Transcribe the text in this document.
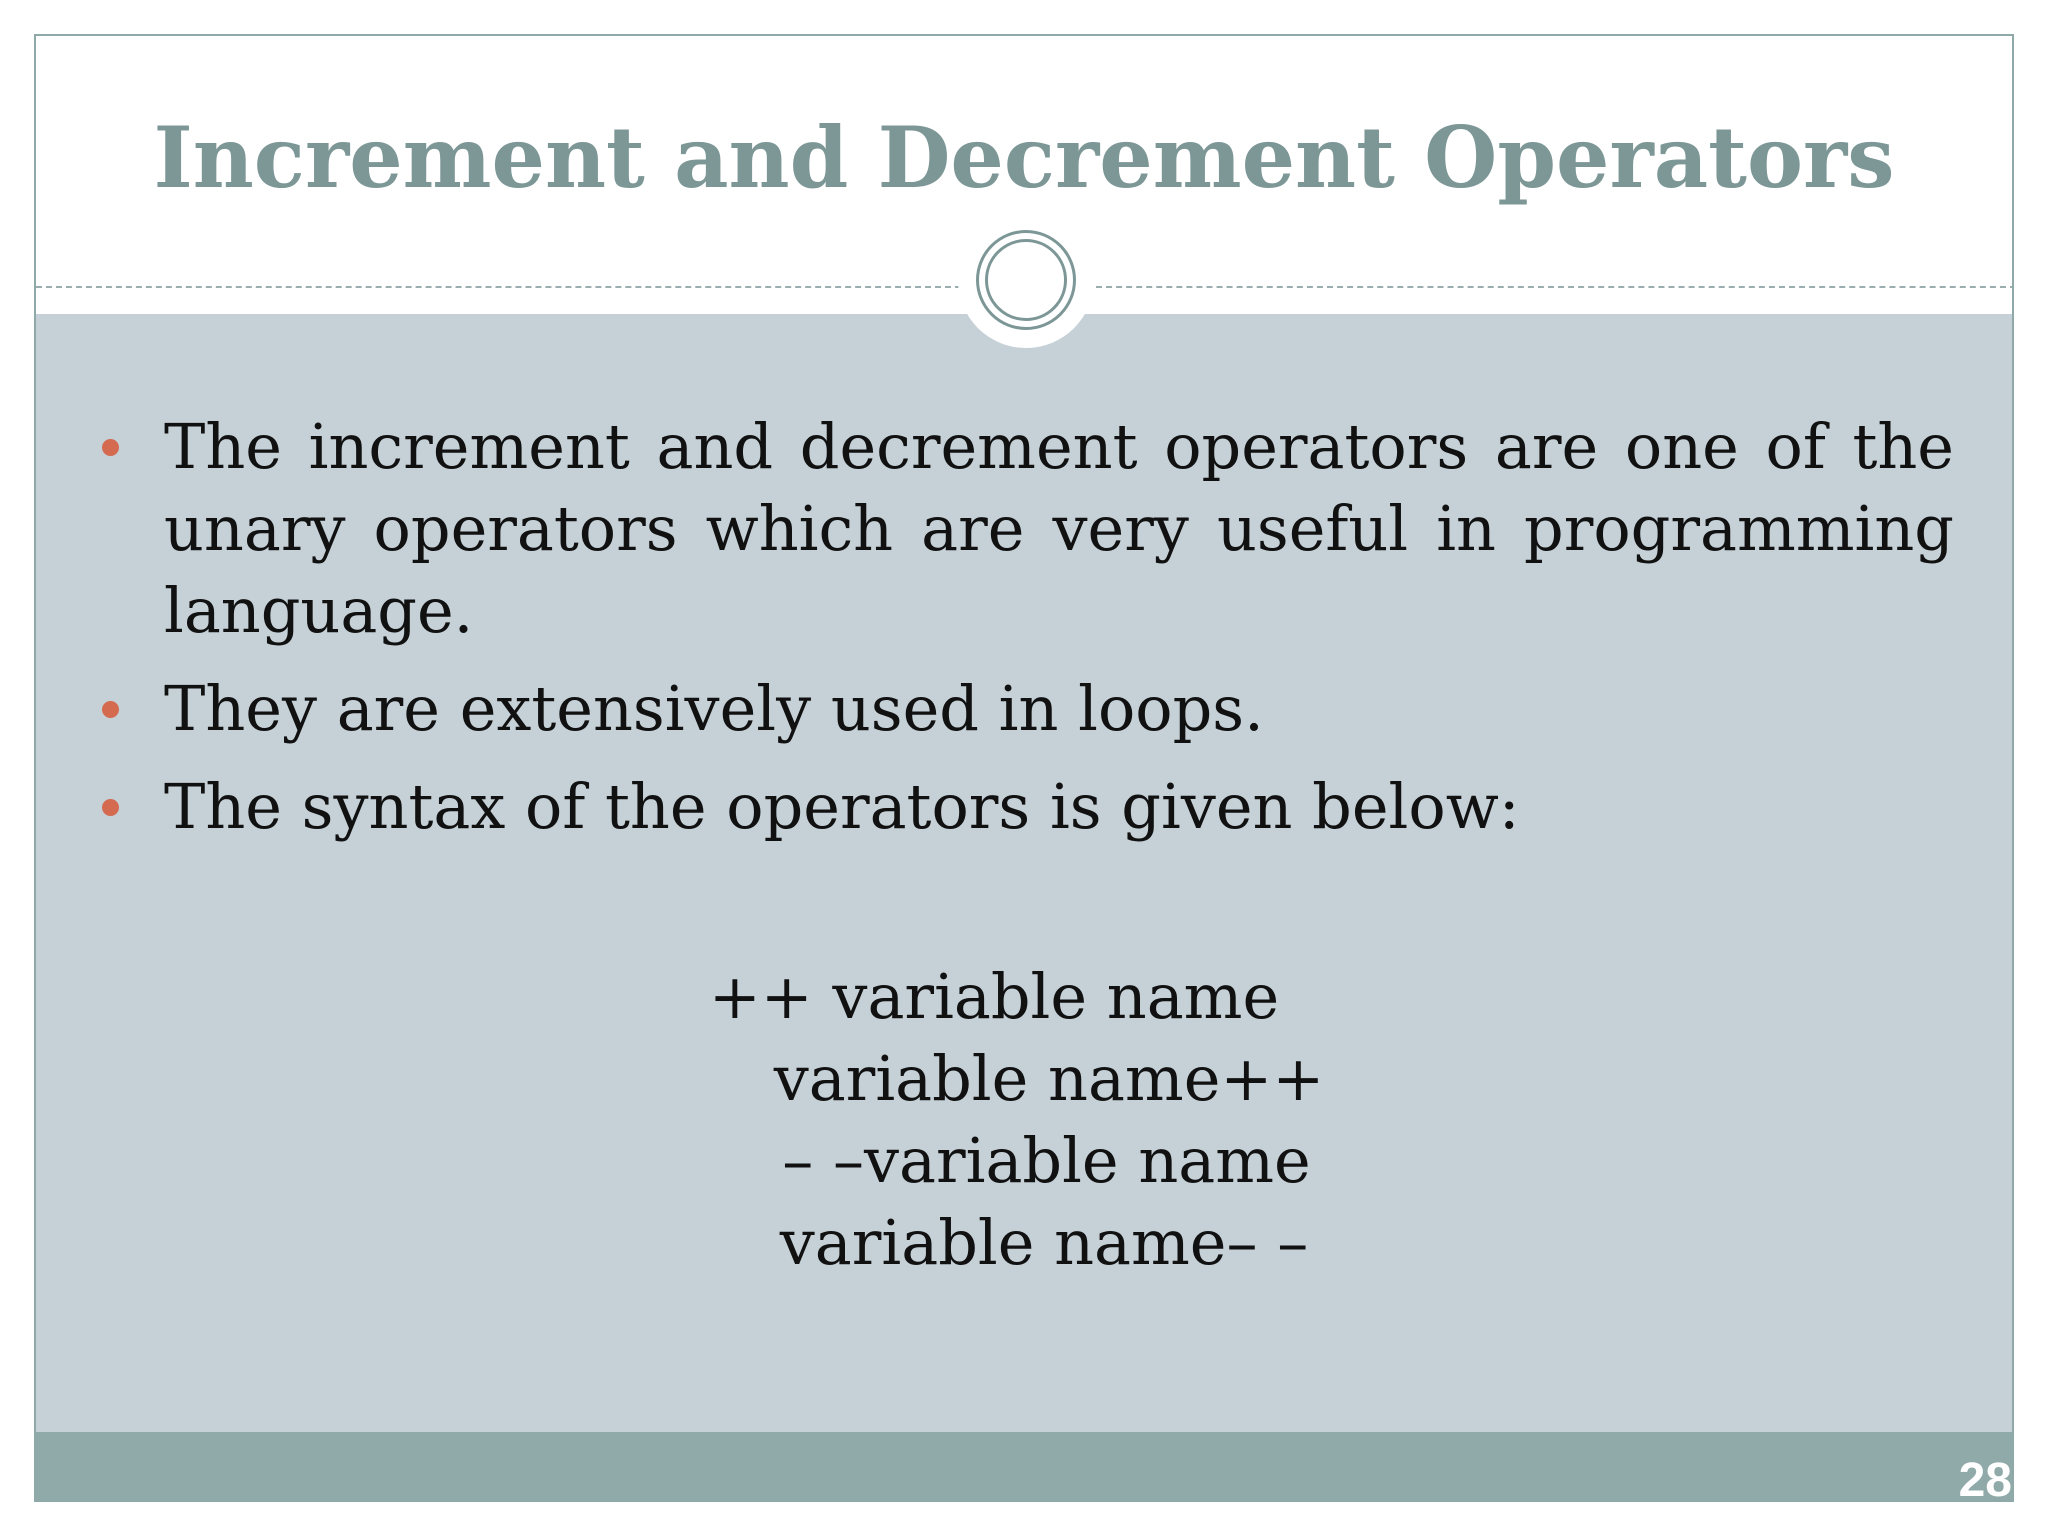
Increment and Decrement Operators
The increment and decrement operators are one of the unary operators which are very useful in programming language.
They are extensively used in loops.
The syntax of the operators is given below:
++ variable name
variable name++
– –variable name
variable name– –
28
